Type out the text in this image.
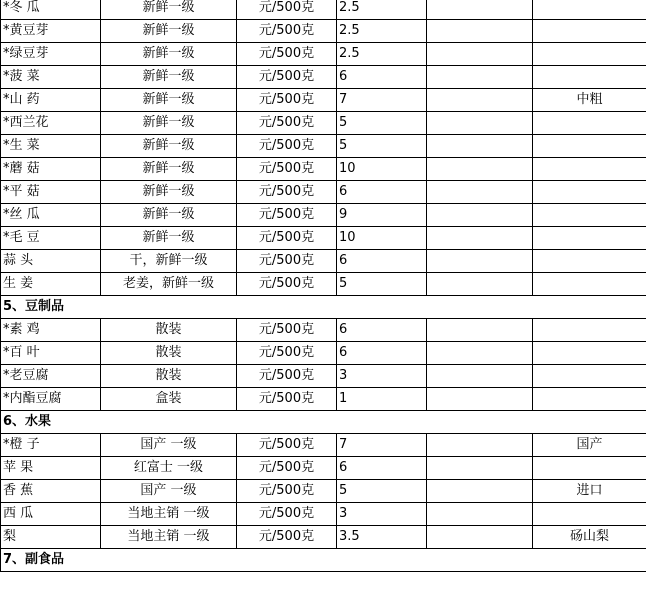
*冬 瓜	新鲜一级	元/500克	2.5		
*黄豆芽	新鲜一级	元/500克	2.5		
*绿豆芽	新鲜一级	元/500克	2.5		
*菠 菜	新鲜一级	元/500克	6		
*山 药	新鲜一级	元/500克	7		中粗
*西兰花	新鲜一级	元/500克	5		
*生 菜	新鲜一级	元/500克	5		
*蘑 菇	新鲜一级	元/500克	10		
*平 菇	新鲜一级	元/500克	6		
*丝 瓜	新鲜一级	元/500克	9		
*毛 豆	新鲜一级	元/500克	10		
蒜 头	干，新鲜一级	元/500克	6		
生 姜	老姜，新鲜一级	元/500克	5		
5、豆制品					
*素 鸡	散装	元/500克	6		
*百 叶	散装	元/500克	6		
*老豆腐	散装	元/500克	3		
*内酯豆腐	盒装	元/500克	1		
6、水果					
*橙 子	国产 一级	元/500克	7		国产
苹 果	红富士 一级	元/500克	6		
香 蕉	国产 一级	元/500克	5		进口
西 瓜	当地主销 一级	元/500克	3		
梨	当地主销 一级	元/500克	3.5		砀山梨
7、副食品					
